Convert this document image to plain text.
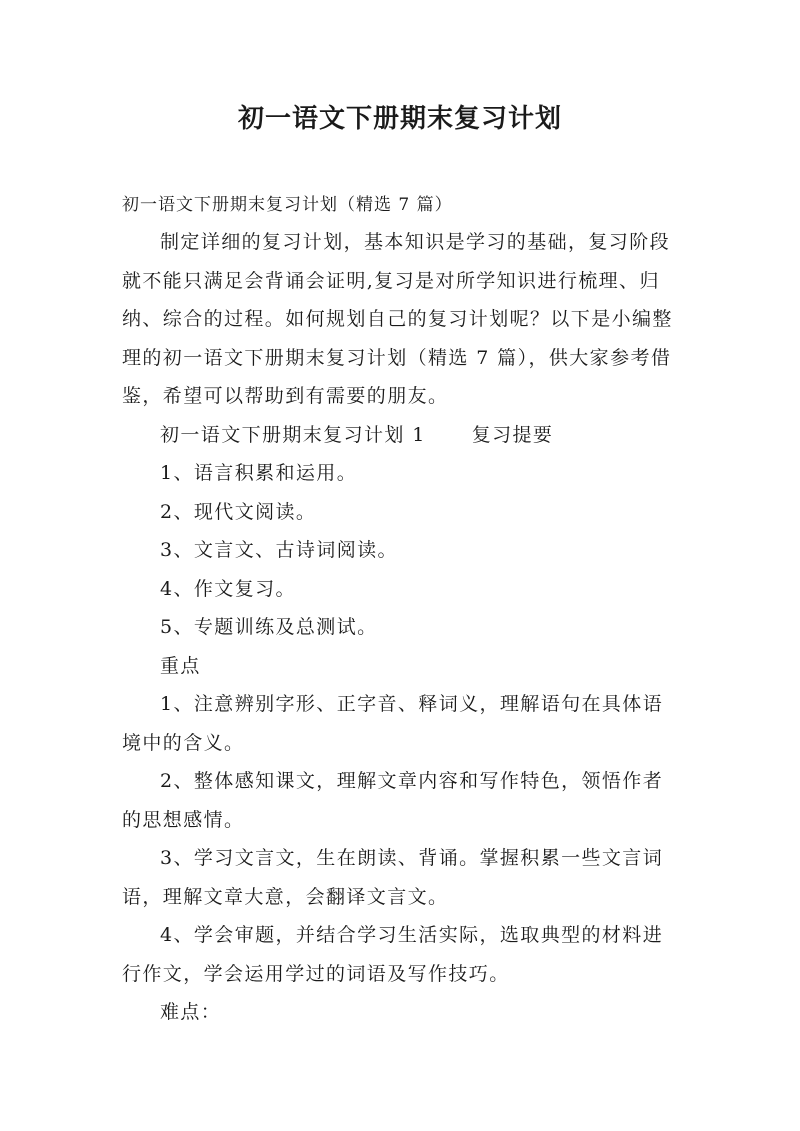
初一语文下册期末复习计划

初一语文下册期末复习计划（精选 7 篇）

制定详细的复习计划，基本知识是学习的基础，复习阶段就不能只满足会背诵会证明,复习是对所学知识进行梳理、归纳、综合的过程。如何规划自己的复习计划呢？以下是小编整理的初一语文下册期末复习计划（精选 7 篇），供大家参考借鉴，希望可以帮助到有需要的朋友。

初一语文下册期末复习计划 1 复习提要

1、语言积累和运用。

2、现代文阅读。

3、文言文、古诗词阅读。

4、作文复习。

5、专题训练及总测试。

重点

1、注意辨别字形、正字音、释词义，理解语句在具体语境中的含义。

2、整体感知课文，理解文章内容和写作特色，领悟作者的思想感情。

3、学习文言文，生在朗读、背诵。掌握积累一些文言词语，理解文章大意，会翻译文言文。

4、学会审题，并结合学习生活实际，选取典型的材料进行作文，学会运用学过的词语及写作技巧。

难点：
